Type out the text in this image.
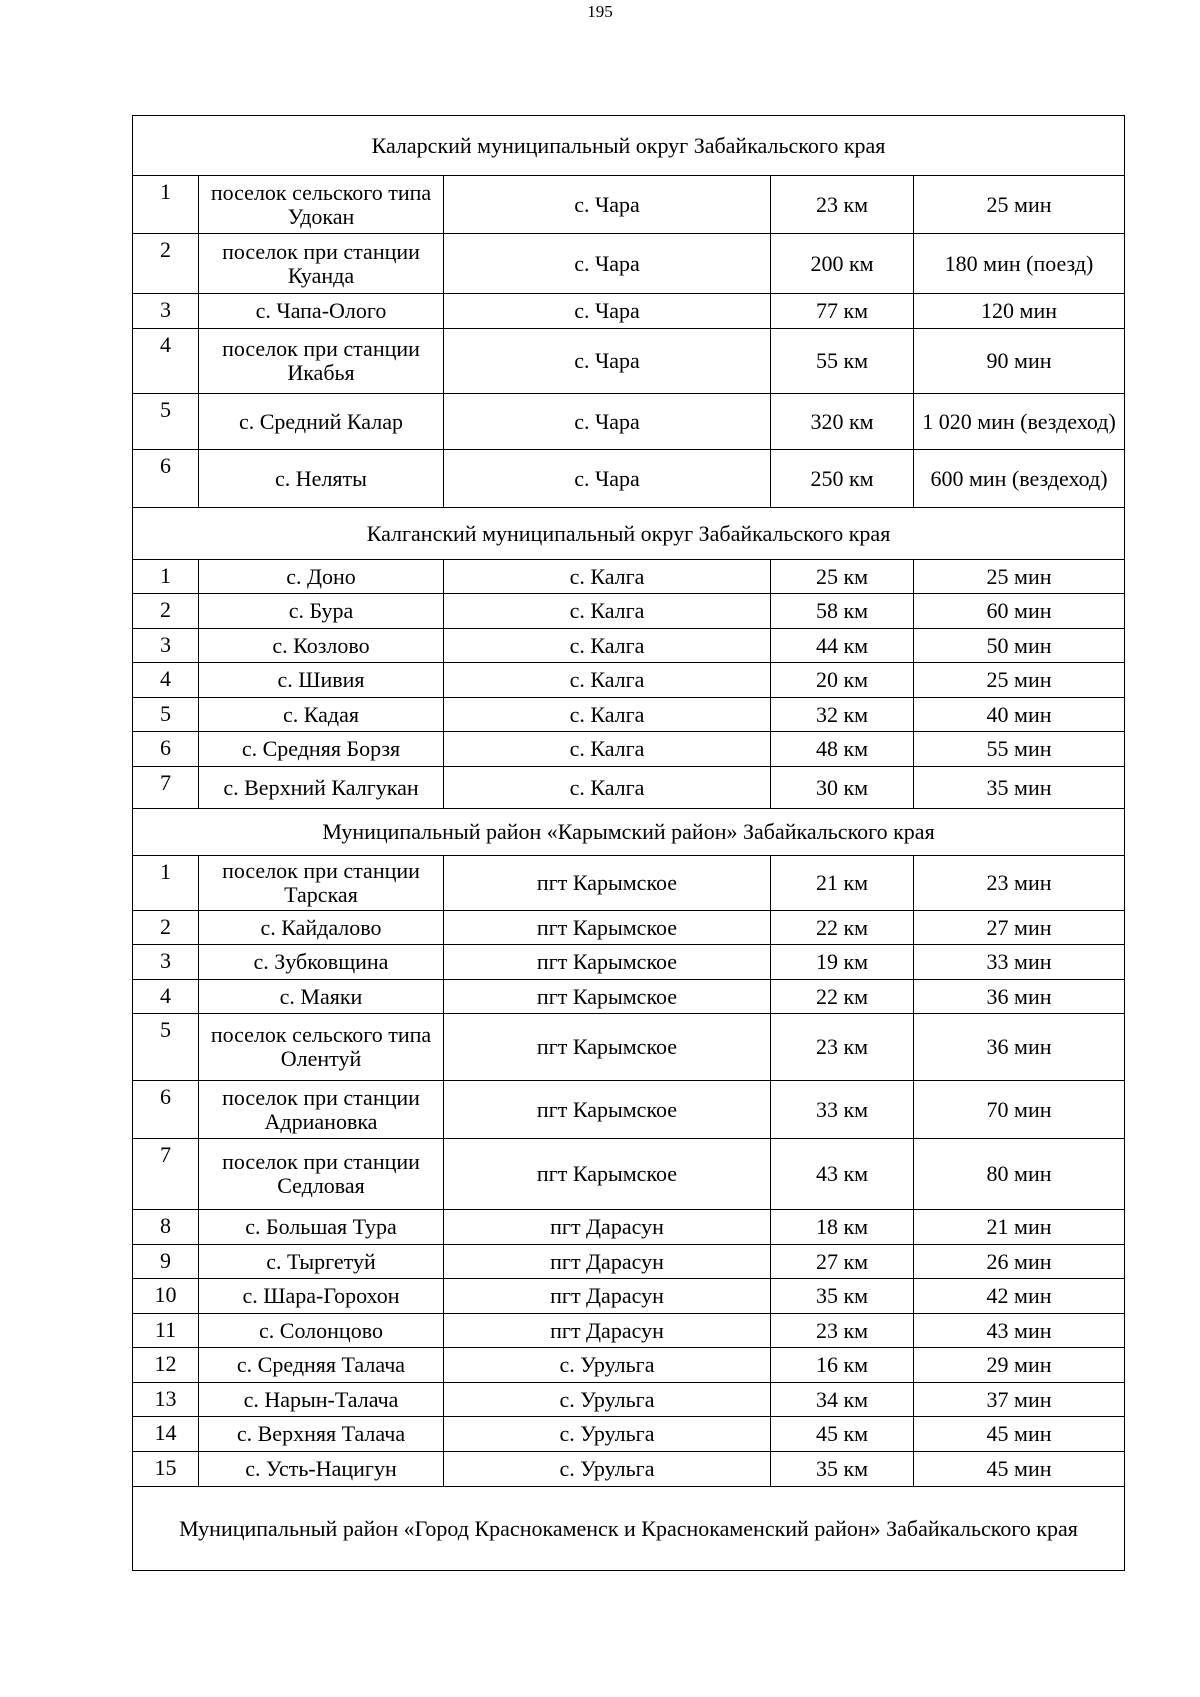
195
Каларский муниципальный округ Забайкальского края				
1	поселок сельского типа Удокан	с. Чара	23 км	25 мин
2	поселок при станции Куанда	с. Чара	200 км	180 мин (поезд)
3	с. Чапа-Олого	с. Чара	77 км	120 мин
4	поселок при станции Икабья	с. Чара	55 км	90 мин
5	с. Средний Калар	с. Чара	320 км	1 020 мин (вездеход)
6	с. Неляты	с. Чара	250 км	600 мин (вездеход)
Калганский муниципальный округ Забайкальского края				
1	с. Доно	с. Калга	25 км	25 мин
2	с. Бура	с. Калга	58 км	60 мин
3	с. Козлово	с. Калга	44 км	50 мин
4	с. Шивия	с. Калга	20 км	25 мин
5	с. Кадая	с. Калга	32 км	40 мин
6	с. Средняя Борзя	с. Калга	48 км	55 мин
7	с. Верхний Калгукан	с. Калга	30 км	35 мин
Муниципальный район «Карымский район» Забайкальского края				
1	поселок при станции Тарская	пгт Карымское	21 км	23 мин
2	с. Кайдалово	пгт Карымское	22 км	27 мин
3	с. Зубковщина	пгт Карымское	19 км	33 мин
4	с. Маяки	пгт Карымское	22 км	36 мин
5	поселок сельского типа Олентуй	пгт Карымское	23 км	36 мин
6	поселок при станции Адриановка	пгт Карымское	33 км	70 мин
7	поселок при станции Седловая	пгт Карымское	43 км	80 мин
8	с. Большая Тура	пгт Дарасун	18 км	21 мин
9	с. Тыргетуй	пгт Дарасун	27 км	26 мин
10	с. Шара-Горохон	пгт Дарасун	35 км	42 мин
11	с. Солонцово	пгт Дарасун	23 км	43 мин
12	с. Средняя Талача	с. Урульга	16 км	29 мин
13	с. Нарын-Талача	с. Урульга	34 км	37 мин
14	с. Верхняя Талача	с. Урульга	45 км	45 мин
15	с. Усть-Нацигун	с. Урульга	35 км	45 мин
Муниципальный район «Город Краснокаменск и Краснокаменский район» Забайкальского края				
